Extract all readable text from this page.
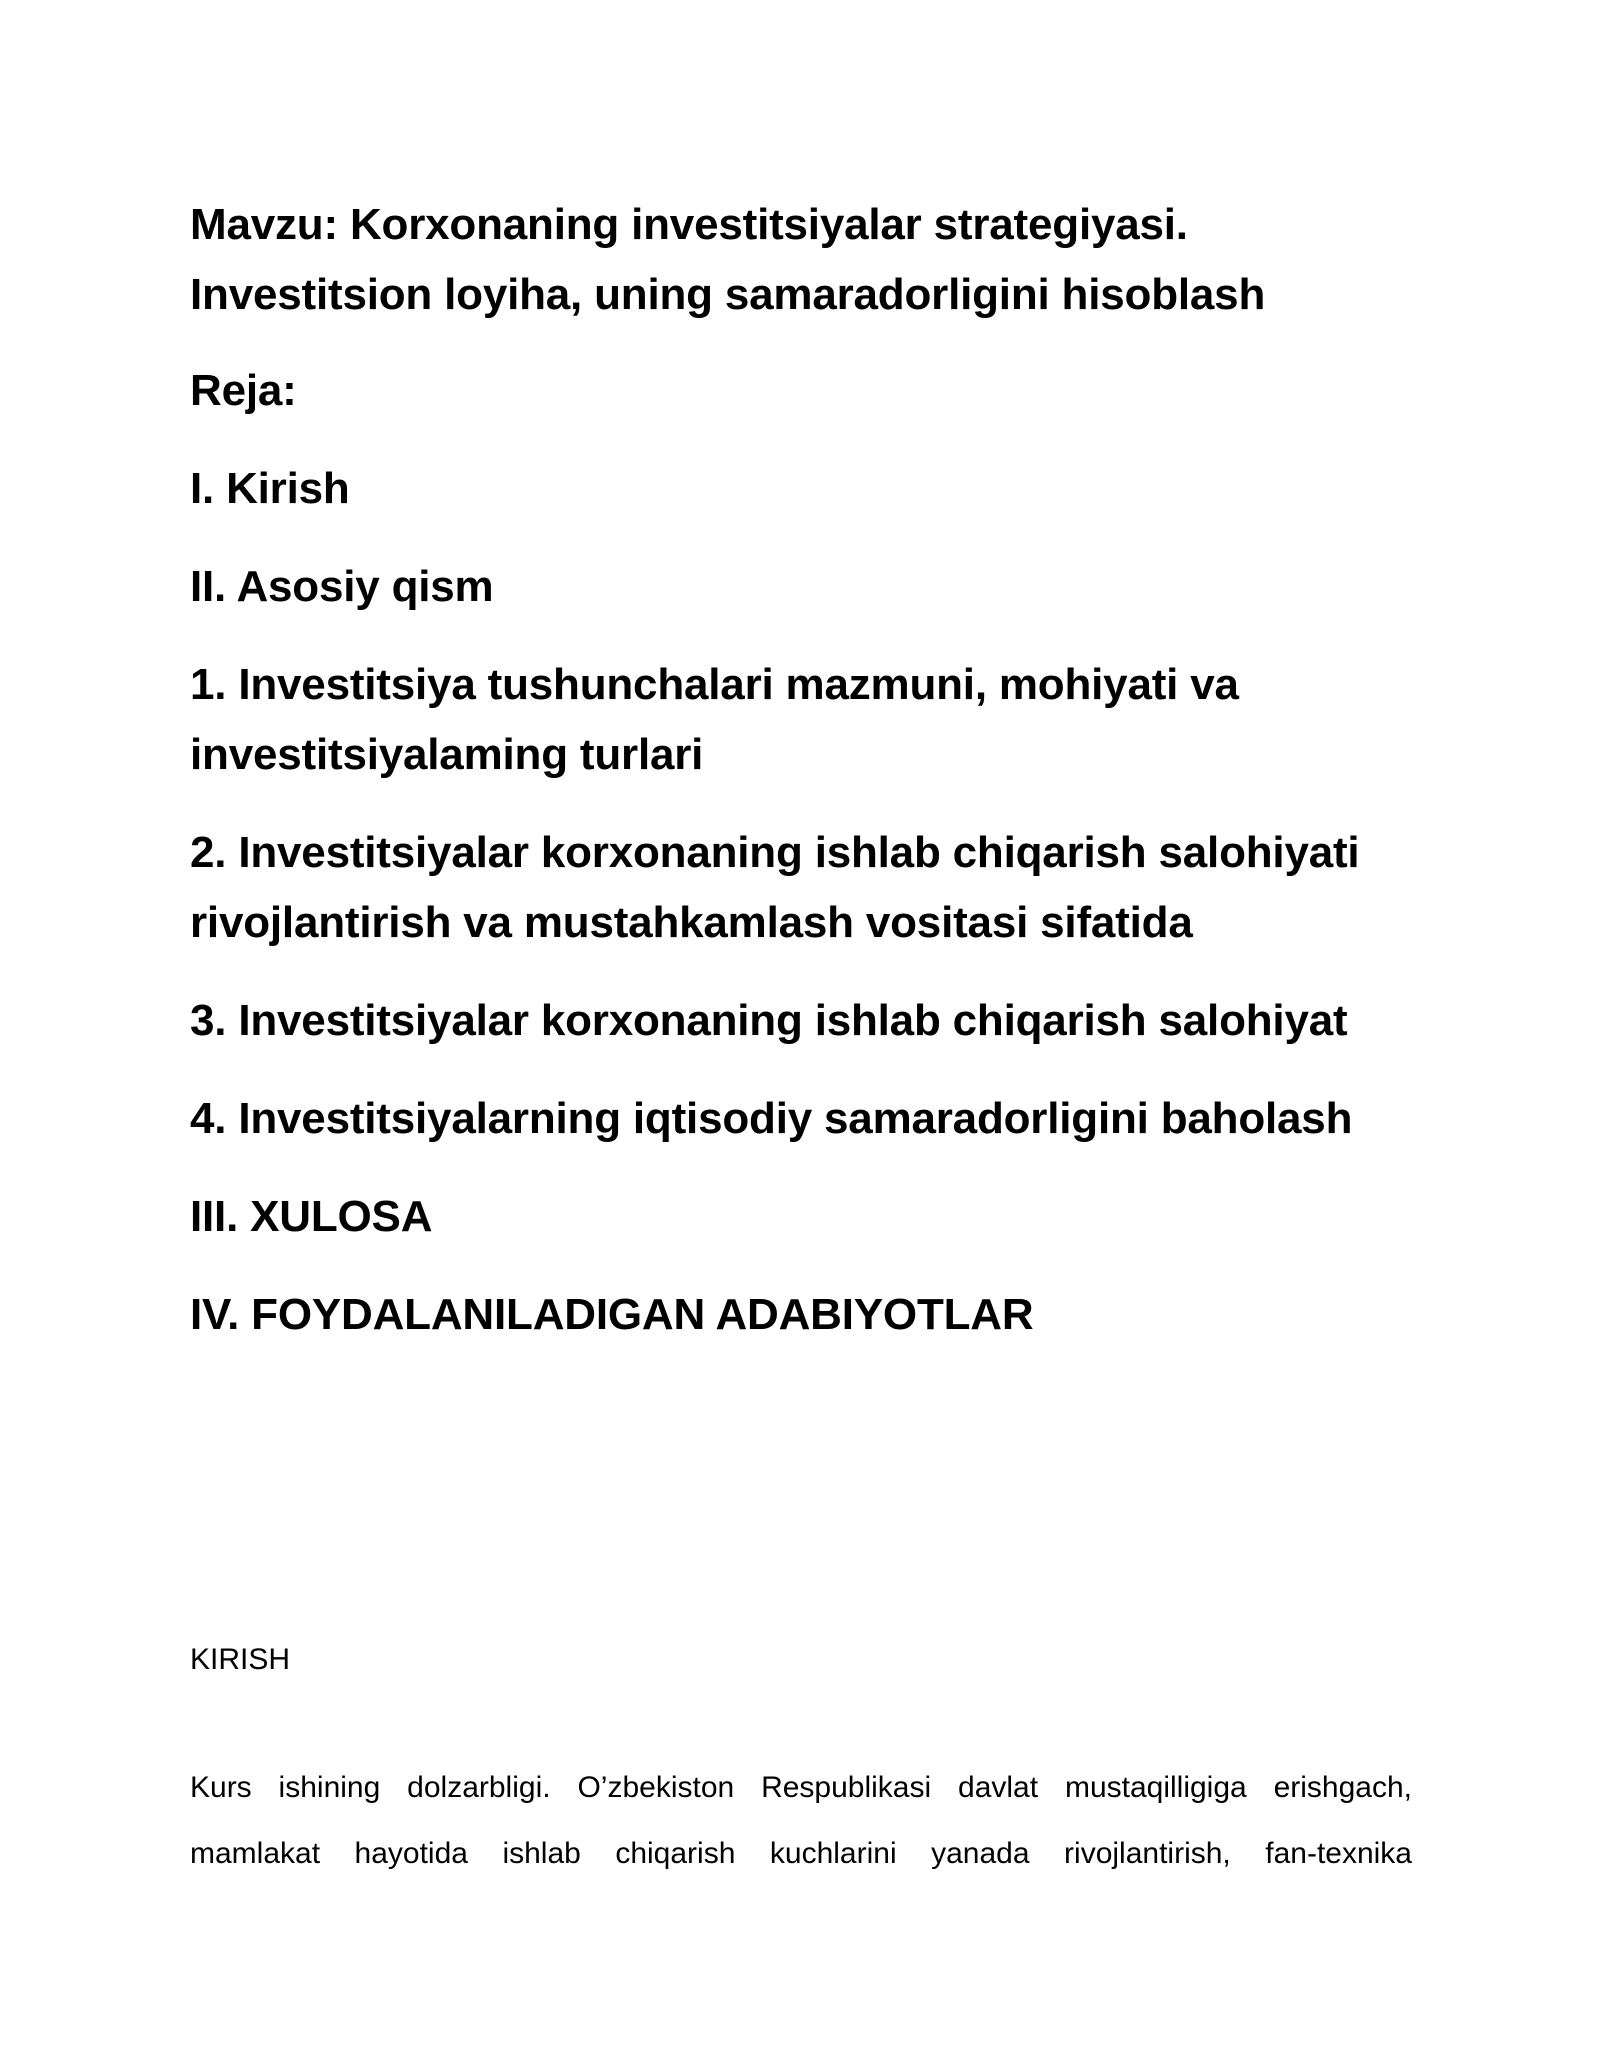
Mavzu: Korxonaning investitsiyalar strategiyasi. Investitsion loyiha, uning samaradorligini hisoblash
Reja:
I. Kirish
II. Asosiy qism
1. Investitsiya tushunchalari mazmuni, mohiyati va investitsiyalaming turlari
2. Investitsiyalar korxonaning ishlab chiqarish salohiyati rivojlantirish va mustahkamlash vositasi sifatida
3. Investitsiyalar korxonaning ishlab chiqarish salohiyat
4. Investitsiyalarning iqtisodiy samaradorligini baholash
III. XULOSA
IV. FOYDALANILADIGAN ADABIYOTLAR
KIRISH

Kurs ishining dolzarbligi. O’zbekiston Respublikasi davlat mustaqilligiga erishgach, mamlakat hayotida ishlab chiqarish kuchlarini yanada rivojlantirish, fan-texnika
